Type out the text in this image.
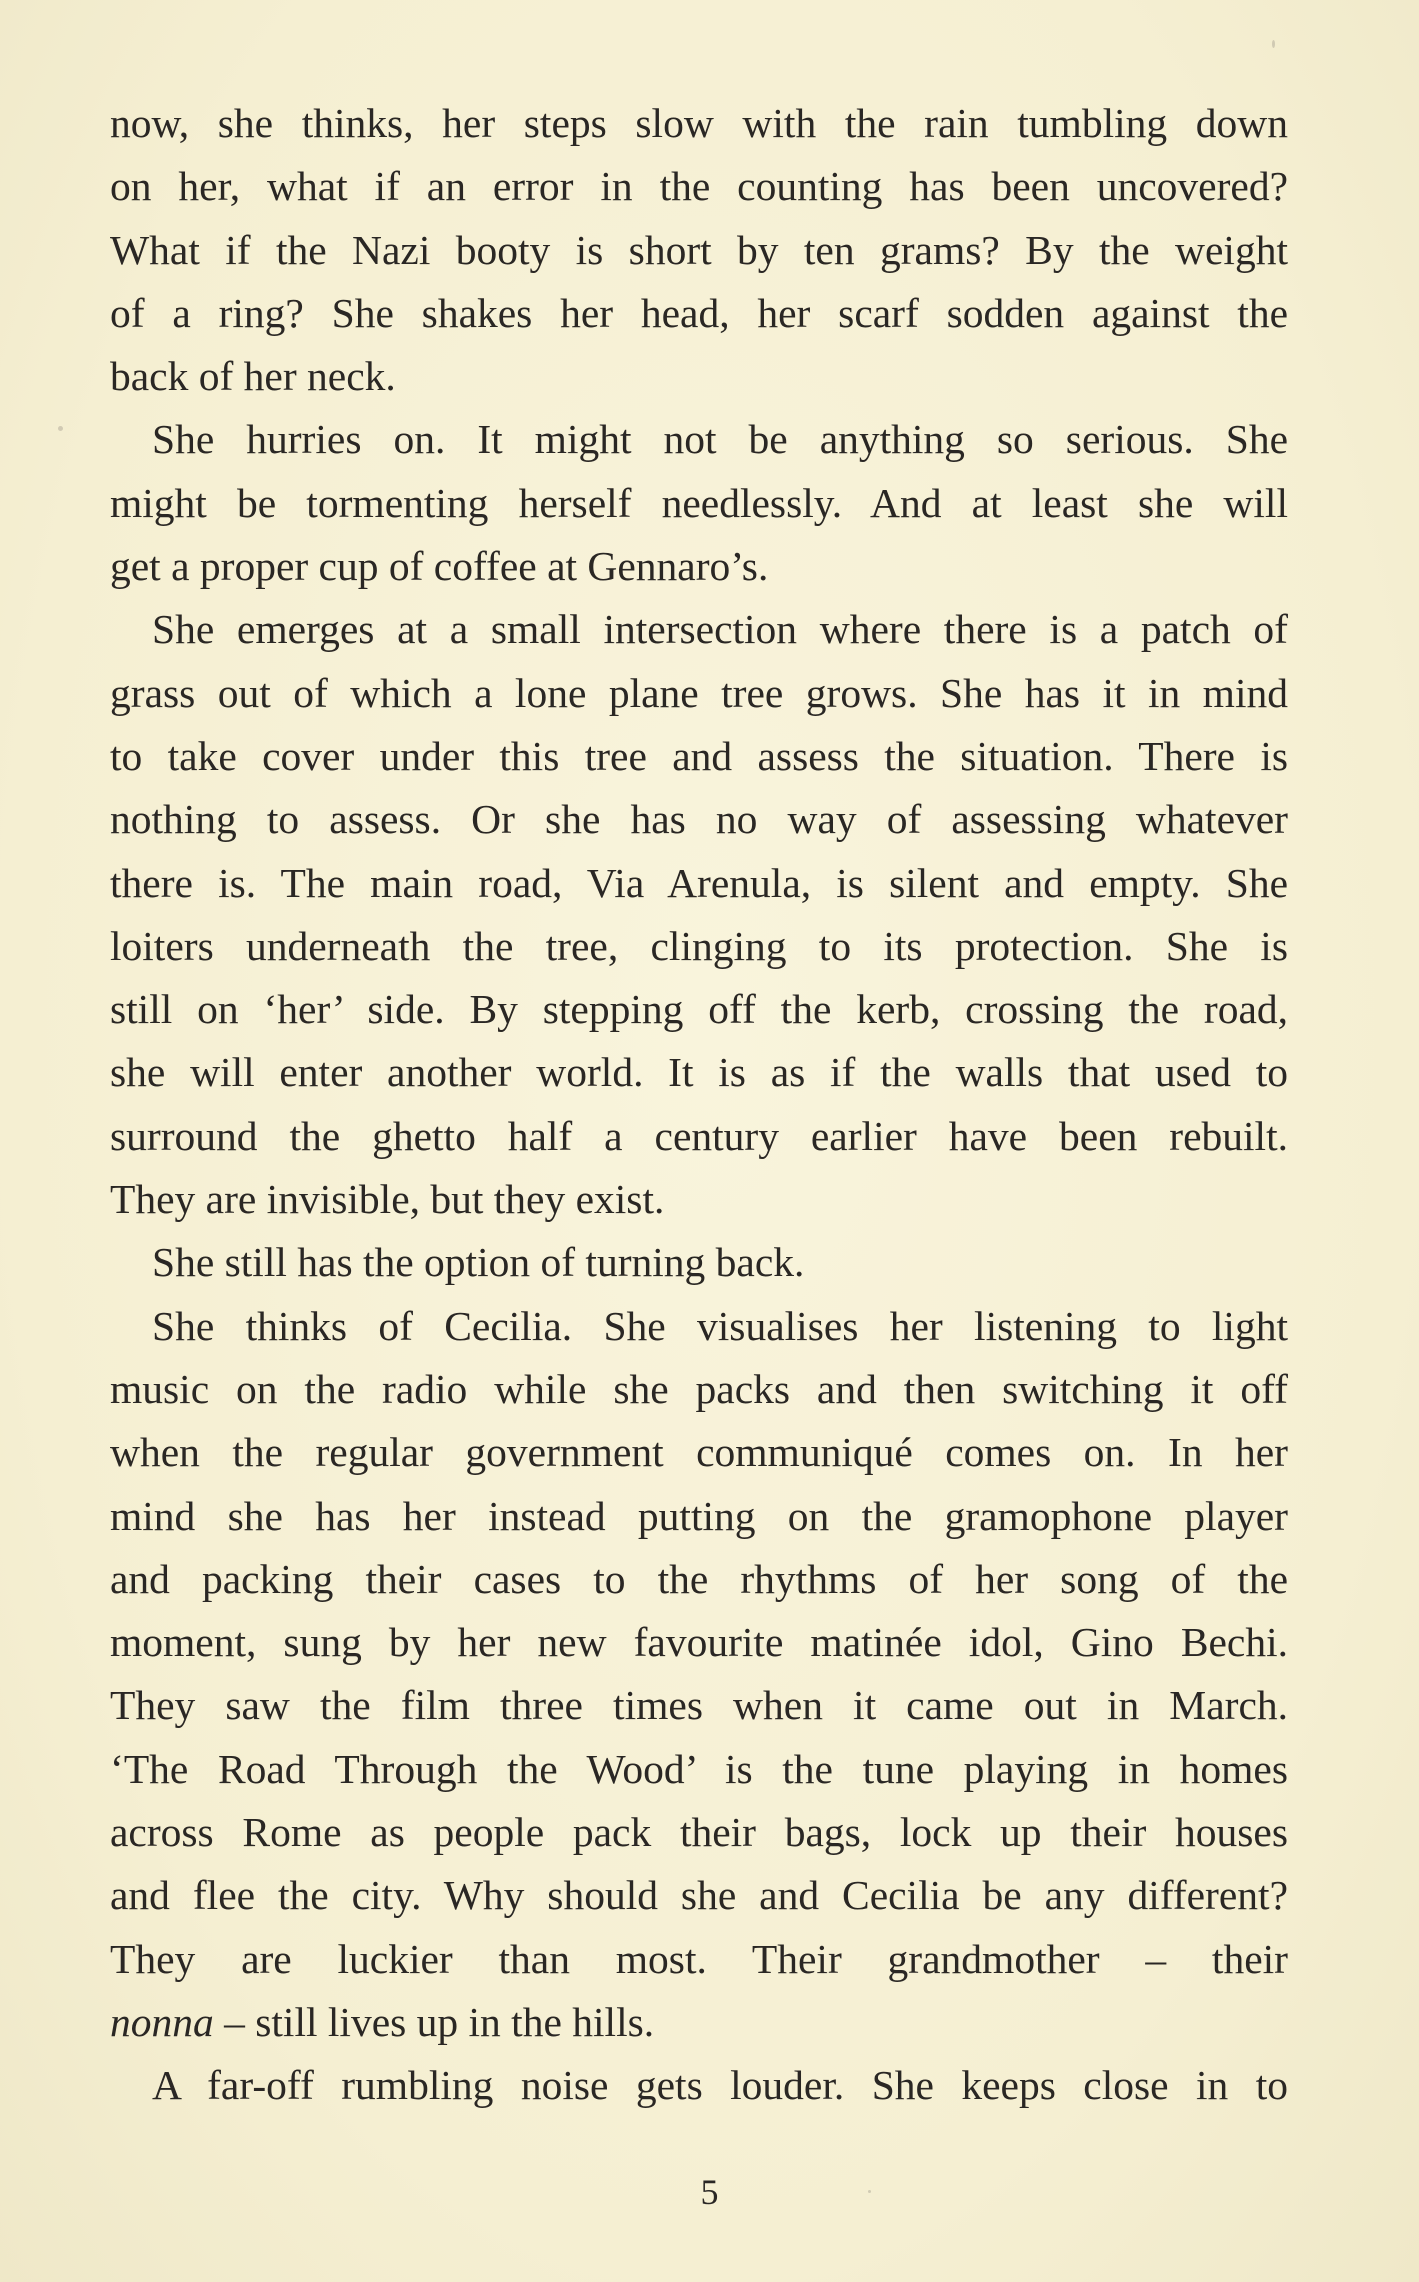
now, she thinks, her steps slow with the rain tumbling down
on her, what if an error in the counting has been uncovered?
What if the Nazi booty is short by ten grams? By the weight
of a ring? She shakes her head, her scarf sodden against the
back of her neck.

She hurries on. It might not be anything so serious. She
might be tormenting herself needlessly. And at least she will
get a proper cup of coffee at Gennaro’s.

She emerges at a small intersection where there is a patch of
grass out of which a lone plane tree grows. She has it in mind
to take cover under this tree and assess the situation. There is
nothing to assess. Or she has no way of assessing whatever
there is. The main road, Via Arenula, is silent and empty. She
loiters underneath the tree, clinging to its protection. She is
still on ‘her’ side. By stepping off the kerb, crossing the road,
she will enter another world. It is as if the walls that used to
surround the ghetto half a century earlier have been rebuilt.
They are invisible, but they exist.

She still has the option of turning back.

She thinks of Cecilia. She visualises her listening to light
music on the radio while she packs and then switching it off
when the regular government communiqué comes on. In her
mind she has her instead putting on the gramophone player
and packing their cases to the rhythms of her song of the
moment, sung by her new favourite matinée idol, Gino Bechi.
They saw the film three times when it came out in March.
‘The Road Through the Wood’ is the tune playing in homes
across Rome as people pack their bags, lock up their houses
and flee the city. Why should she and Cecilia be any different?
They are luckier than most. Their grandmother – their
nonna – still lives up in the hills.

A far-off rumbling noise gets louder. She keeps close in to

5
